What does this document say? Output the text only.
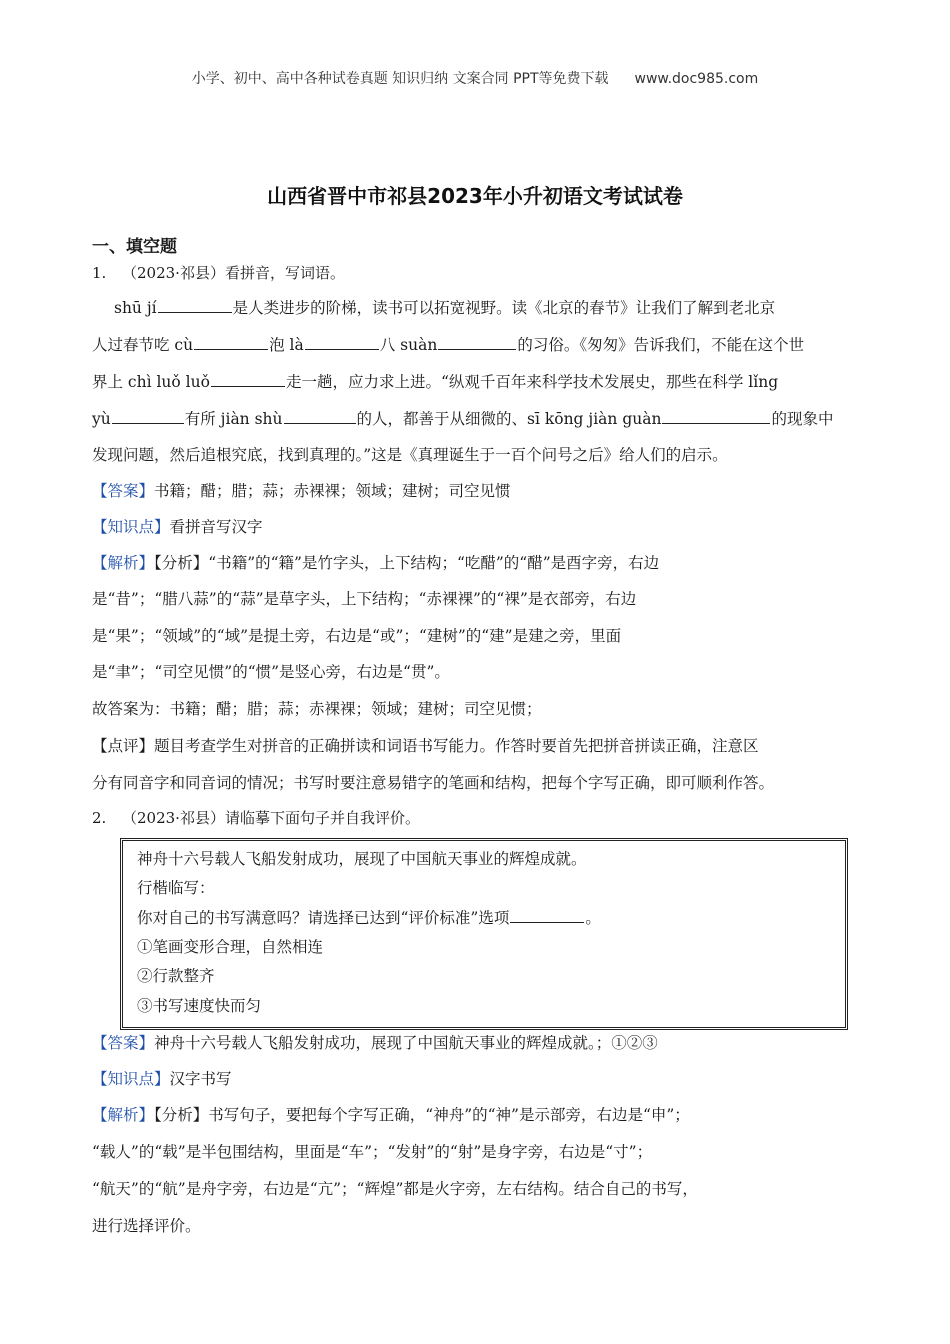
小学、初中、高中各种试卷真题 知识归纳 文案合同 PPT等免费下载 www.doc985.com
山西省晋中市祁县2023年小升初语文考试试卷
一、填空题
1. （2023·祁县）看拼音，写词语。
shū jí	是人类进步的阶梯，读书可以拓宽视野。读《北京的春节》让我们了解到老北京
人过春节吃 cù	泡 là	八 suàn	的习俗。《匆匆》告诉我们，不能在这个世
界上 chì luǒ luǒ	走一趟，应力求上进。“纵观千百年来科学技术发展史，那些在科学 lǐng
yù	有所 jiàn shù	的人，都善于从细微的、sī kōng jiàn guàn	的现象中
发现问题，然后追根究底，找到真理的。”这是《真理诞生于一百个问号之后》给人们的启示。
【答案】书籍；醋；腊；蒜；赤裸裸；领域；建树；司空见惯
【知识点】看拼音写汉字
【解析】【分析】“书籍”的“籍”是竹字头，上下结构；“吃醋”的“醋”是酉字旁，右边
是“昔”；“腊八蒜”的“蒜”是草字头，上下结构；“赤裸裸”的“裸”是衣部旁，右边
是“果”；“领域”的“域”是提土旁，右边是“或”；“建树”的“建”是建之旁，里面
是“聿”；“司空见惯”的“惯”是竖心旁，右边是“贯”。
故答案为：书籍；醋；腊；蒜；赤裸裸；领域；建树；司空见惯；
【点评】题目考查学生对拼音的正确拼读和词语书写能力。作答时要首先把拼音拼读正确，注意区
分有同音字和同音词的情况；书写时要注意易错字的笔画和结构，把每个字写正确，即可顺利作答。
2. （2023·祁县）请临摹下面句子并自我评价。
神舟十六号载人飞船发射成功，展现了中国航天事业的辉煌成就。
行楷临写：
你对自己的书写满意吗？请选择已达到“评价标准”选项	。
①笔画变形合理，自然相连
②行款整齐
③书写速度快而匀
【答案】神舟十六号载人飞船发射成功，展现了中国航天事业的辉煌成就。；①②③
【知识点】汉字书写
【解析】【分析】书写句子，要把每个字写正确，“神舟”的“神”是示部旁，右边是“申”；
“载人”的“载”是半包围结构，里面是“车”；“发射”的“射”是身字旁，右边是“寸”；
“航天”的“航”是舟字旁，右边是“亢”；“辉煌”都是火字旁，左右结构。结合自己的书写，
进行选择评价。
